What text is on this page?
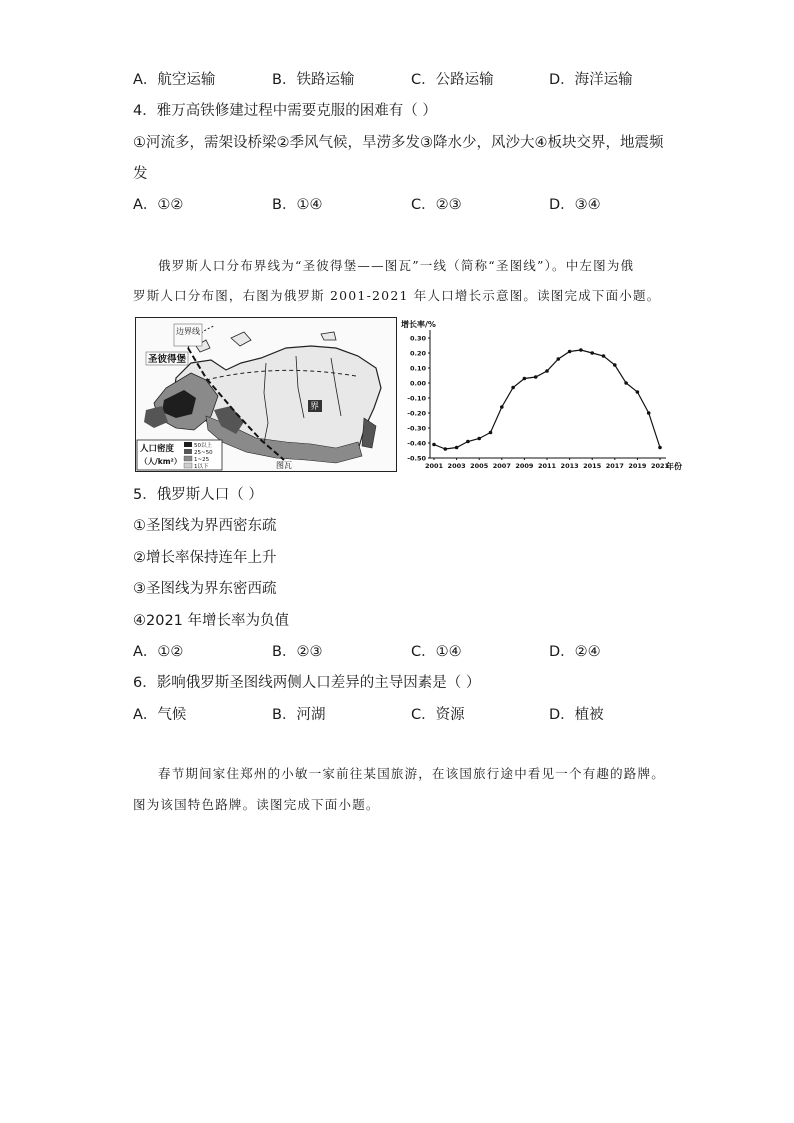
A．航空运输	B．铁路运输	C．公路运输	D．海洋运输
4．雅万高铁修建过程中需要克服的困难有（ ）
①河流多，需架设桥梁②季风气候，旱涝多发③降水少，风沙大④板块交界，地震频
发
A．①②	B．①④	C．②③	D．③④
俄罗斯人口分布界线为“圣彼得堡——图瓦”一线（简称“圣图线”）。中左图为俄
罗斯人口分布图，右图为俄罗斯 2001-2021 年人口增长示意图。读图完成下面小题。
边界线
圣彼得堡
图瓦
界
人口密度
（人/km²）
50以上
25~50
1~25
1以下
增长率/%
年份
0.30
0.20
0.10
0.00
-0.10
-0.20
-0.30
-0.40
-0.50
2001 2003 2005 2007 2009 2011 2013 2015 2017 2019 2021
5．俄罗斯人口（ ）
①圣图线为界西密东疏
②增长率保持连年上升
③圣图线为界东密西疏
④2021 年增长率为负值
A．①②	B．②③	C．①④	D．②④
6．影响俄罗斯圣图线两侧人口差异的主导因素是（ ）
A．气候	B．河湖	C．资源	D．植被
春节期间家住郑州的小敏一家前往某国旅游，在该国旅行途中看见一个有趣的路牌。
图为该国特色路牌。读图完成下面小题。
